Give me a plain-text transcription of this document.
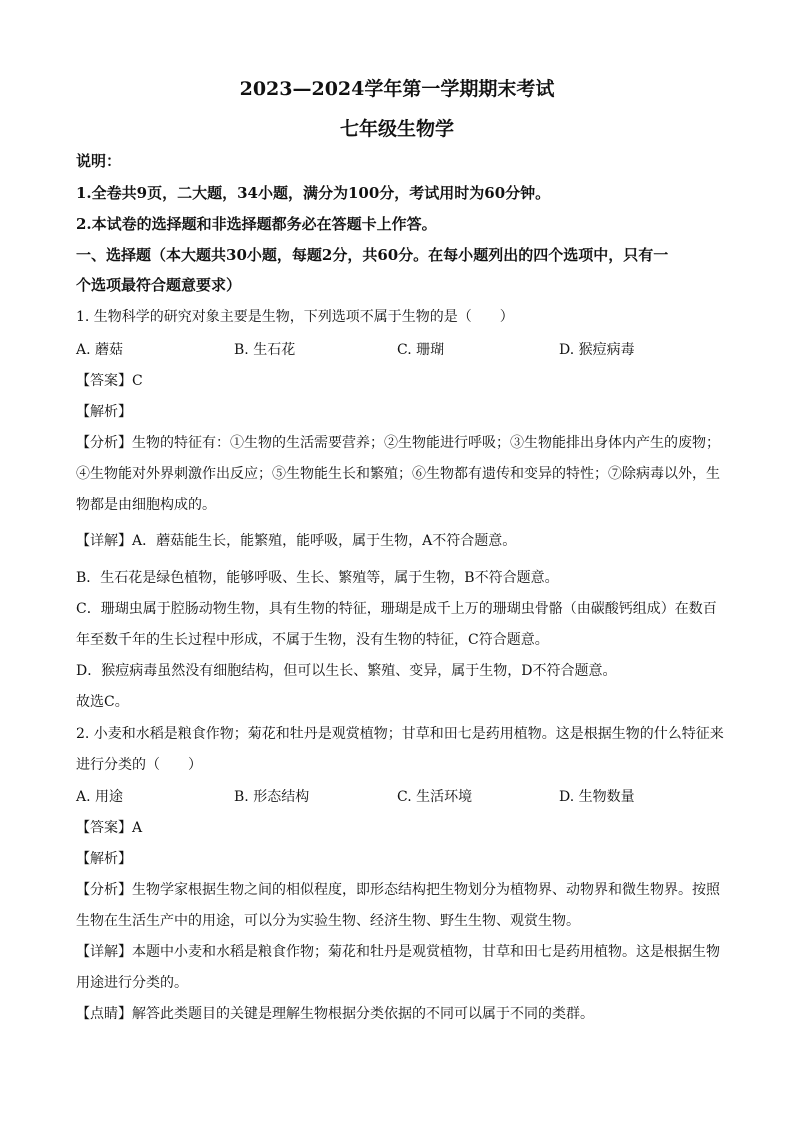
2023—2024学年第一学期期末考试
七年级生物学
说明：
1.全卷共9页，二大题，34小题，满分为100分，考试用时为60分钟。
2.本试卷的选择题和非选择题都务必在答题卡上作答。
一、选择题（本大题共30小题，每题2分，共60分。在每小题列出的四个选项中，只有一
个选项最符合题意要求）
1. 生物科学的研究对象主要是生物，下列选项不属于生物的是（　　）
A. 蘑菇	B. 生石花	C. 珊瑚	D. 猴痘病毒
【答案】C
【解析】
【分析】生物的特征有：①生物的生活需要营养；②生物能进行呼吸；③生物能排出身体内产生的废物；
④生物能对外界刺激作出反应；⑤生物能生长和繁殖；⑥生物都有遗传和变异的特性；⑦除病毒以外，生
物都是由细胞构成的。
【详解】A．蘑菇能生长，能繁殖，能呼吸，属于生物，A不符合题意。
B．生石花是绿色植物，能够呼吸、生长、繁殖等，属于生物，B不符合题意。
C．珊瑚虫属于腔肠动物生物，具有生物的特征，珊瑚是成千上万的珊瑚虫骨骼（由碳酸钙组成）在数百
年至数千年的生长过程中形成，不属于生物，没有生物的特征，C符合题意。
D．猴痘病毒虽然没有细胞结构，但可以生长、繁殖、变异，属于生物，D不符合题意。
故选C。
2. 小麦和水稻是粮食作物；菊花和牡丹是观赏植物；甘草和田七是药用植物。这是根据生物的什么特征来
进行分类的（　　）
A. 用途	B. 形态结构	C. 生活环境	D. 生物数量
【答案】A
【解析】
【分析】生物学家根据生物之间的相似程度，即形态结构把生物划分为植物界、动物界和微生物界。按照
生物在生活生产中的用途，可以分为实验生物、经济生物、野生生物、观赏生物。
【详解】本题中小麦和水稻是粮食作物；菊花和牡丹是观赏植物，甘草和田七是药用植物。这是根据生物
用途进行分类的。
【点睛】解答此类题目的关键是理解生物根据分类依据的不同可以属于不同的类群。
